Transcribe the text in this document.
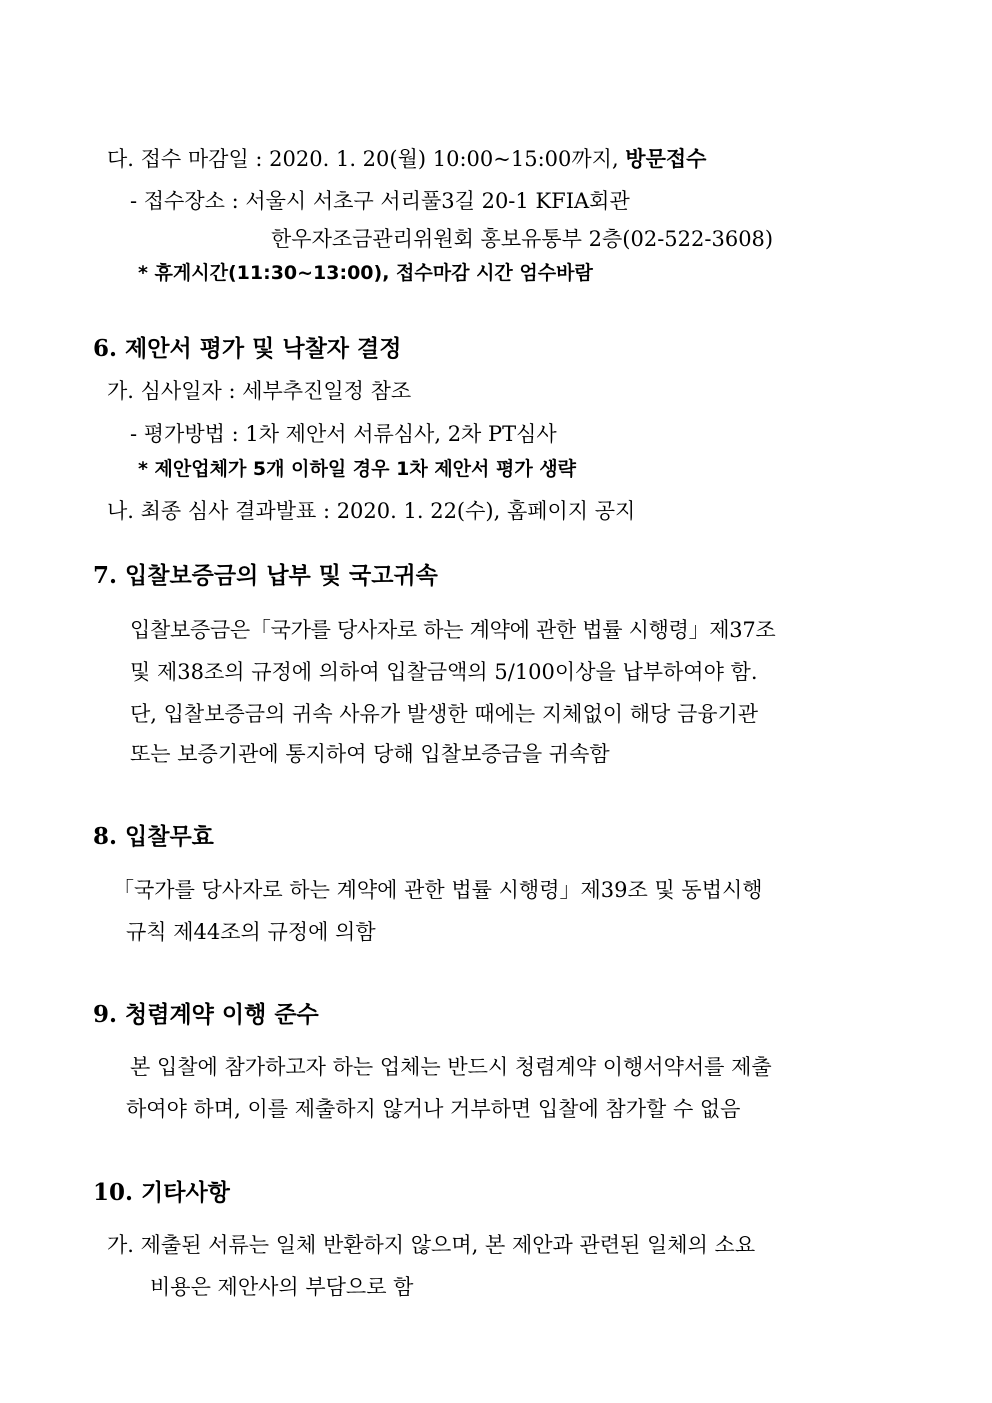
다. 접수 마감일 : 2020. 1. 20(월) 10:00~15:00까지, 방문접수
- 접수장소 : 서울시 서초구 서리풀3길 20-1 KFIA회관
한우자조금관리위원회 홍보유통부 2층(02-522-3608)
* 휴게시간(11:30~13:00), 접수마감 시간 엄수바람
6. 제안서 평가 및 낙찰자 결정
가. 심사일자 : 세부추진일정 참조
- 평가방법 : 1차 제안서 서류심사, 2차 PT심사
* 제안업체가 5개 이하일 경우 1차 제안서 평가 생략
나. 최종 심사 결과발표 : 2020. 1. 22(수), 홈페이지 공지
7. 입찰보증금의 납부 및 국고귀속
입찰보증금은「국가를 당사자로 하는 계약에 관한 법률 시행령」제37조
및 제38조의 규정에 의하여 입찰금액의 5/100이상을 납부하여야 함.
단, 입찰보증금의 귀속 사유가 발생한 때에는 지체없이 해당 금융기관
또는 보증기관에 통지하여 당해 입찰보증금을 귀속함
8. 입찰무효
「국가를 당사자로 하는 계약에 관한 법률 시행령」제39조 및 동법시행
규칙 제44조의 규정에 의함
9. 청렴계약 이행 준수
본 입찰에 참가하고자 하는 업체는 반드시 청렴계약 이행서약서를 제출
하여야 하며, 이를 제출하지 않거나 거부하면 입찰에 참가할 수 없음
10. 기타사항
가. 제출된 서류는 일체 반환하지 않으며, 본 제안과 관련된 일체의 소요
비용은 제안사의 부담으로 함
